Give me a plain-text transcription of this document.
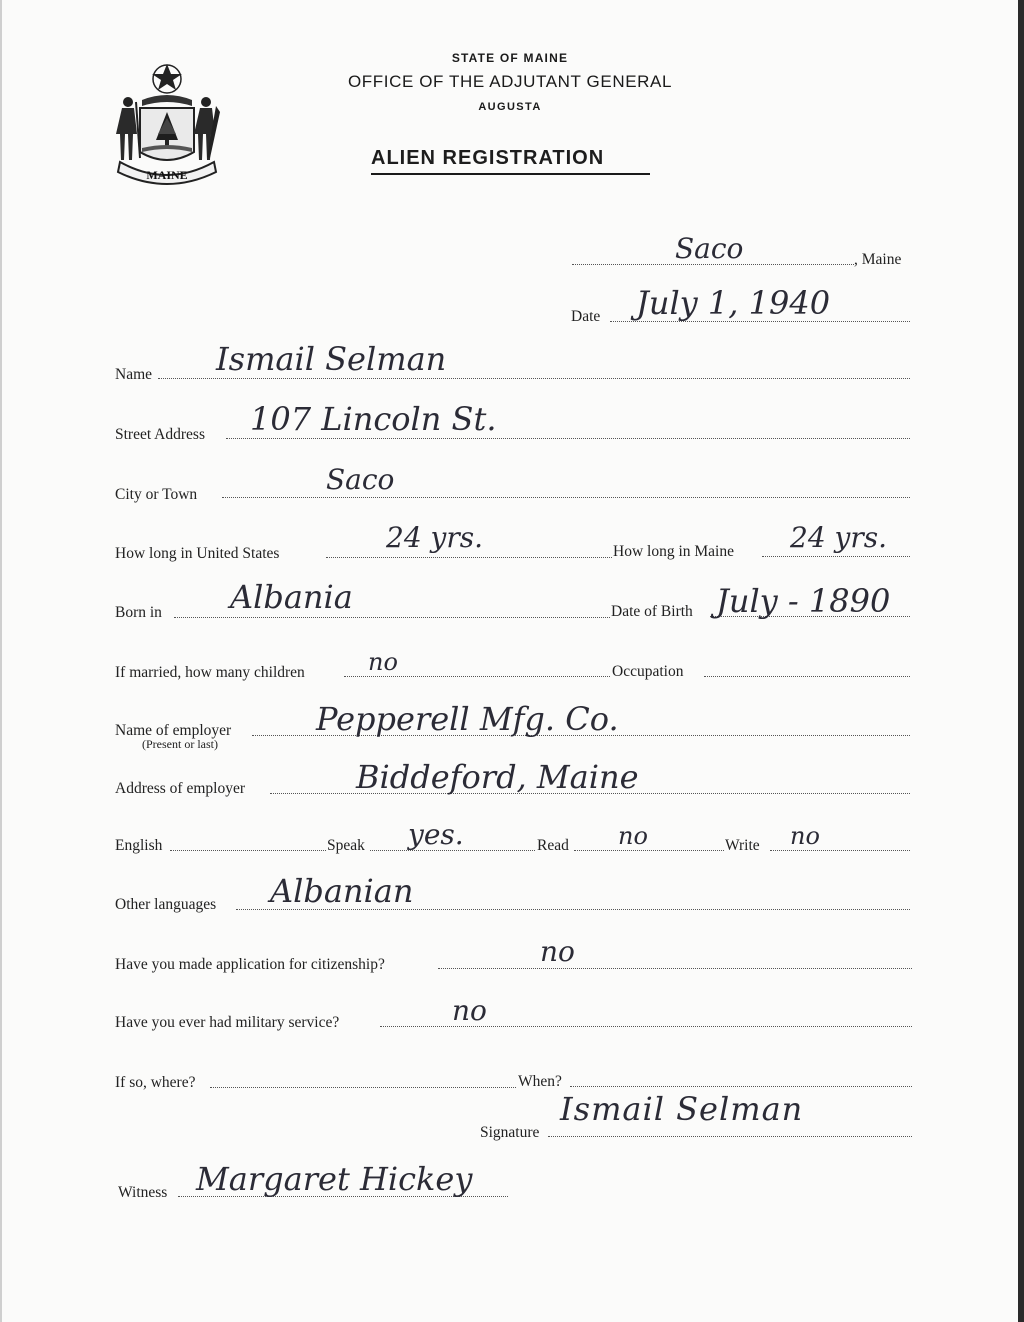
MAINE
STATE OF MAINE
OFFICE OF THE ADJUTANT GENERAL
AUGUSTA
ALIEN REGISTRATION
Saco	, Maine
Date July 1, 1940
Name Ismail Selman
Street Address 107 Lincoln St.
City or Town	Saco
How long in United States	24 yrs.	How long in Maine 24 yrs.
Born in Albania	Date of Birth July - 1890
If married, how many children	no	Occupation
Name of employer
(Present or last)
Pepperell Mfg. Co.
Address of employer	Biddeford, Maine
English	Speak yes.	Read no	Write no
Other languages Albanian
Have you made application for citizenship?	no
Have you ever had military service?	no
If so, where?	When?
Signature
Ismail Selman
Witness Margaret Hickey
